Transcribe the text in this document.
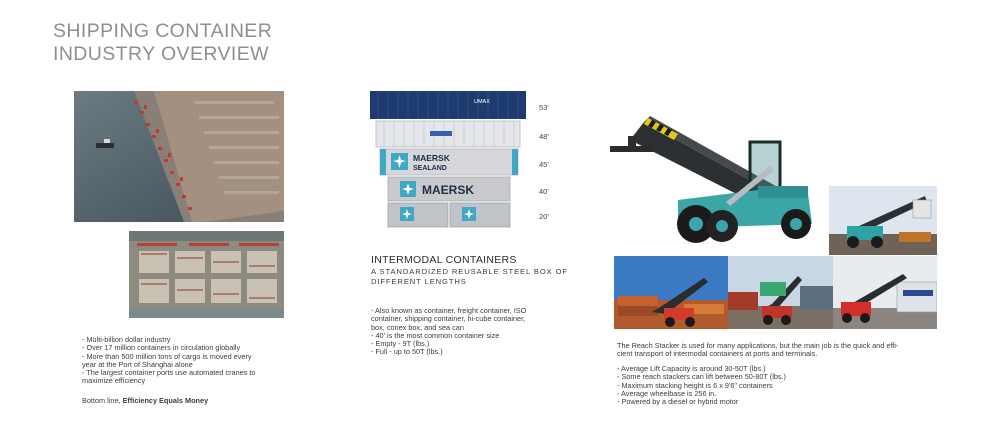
SHIPPING CONTAINER
INDUSTRY OVERVIEW
- Multi-billion dollar industry
- Over 17 million containers in circulation globally
- More than 500 million tons of cargo is moved every
year at the Port of Shanghai alone
- The largest container ports use automated cranes to
maximize efficiency
Bottom line, Efficiency Equals Money
UMAX
MAERSK
SEALAND
MAERSK
53'
48'
45'
40'
20'
INTERMODAL CONTAINERS
A STANDARDIZED REUSABLE STEEL BOX OF
DIFFERENT LENGTHS
- Also known as container, freight container, ISO
container, shipping container, hi-cube container,
box, conex box, and sea can
- 40' is the most common container size
- Empty - 9T (lbs.)
- Full - up to 50T (lbs.)
The Reach Stacker is used for many applications, but the main job is the quick and effi-
cient transport of intermodal containers at ports and terminals.
- Average Lift Capacity is around 30-50T (lbs.)
- Some reach stackers can lift between 50-80T (lbs.)
- Maximum stacking height is 6 x 9'6" containers
- Average wheelbase is 256 in.
- Powered by a diesel or hybrid motor
